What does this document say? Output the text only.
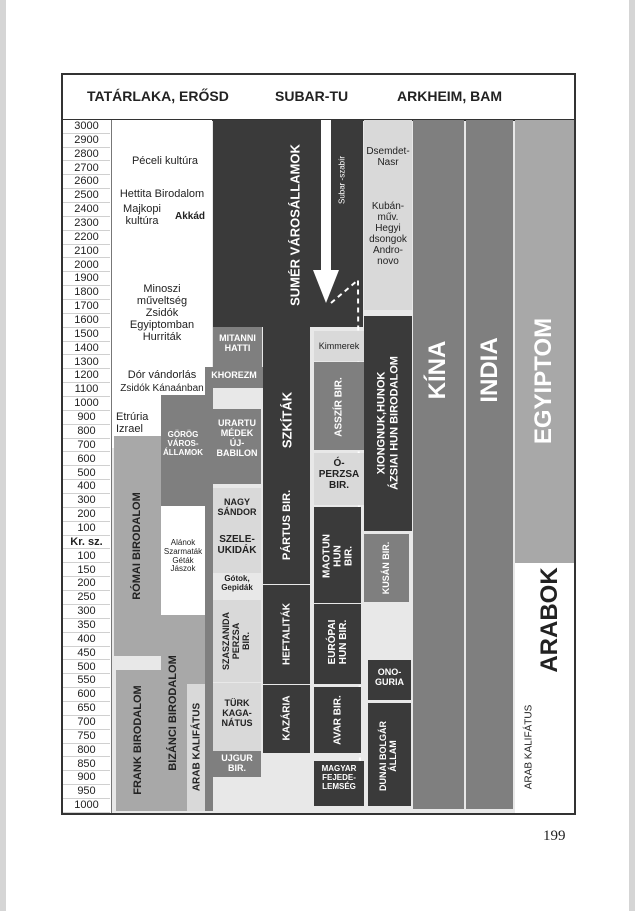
TATÁRLAKA, ERŐSD	SUBAR-TU	ARKHEIM, BAM
3000
2900
2800
2700
2600
2500
2400
2300
2200
2100
2000
1900
1800
1700
1600
1500
1400
1300
1200
1100
1000
900
800
700
600
500
400
300
200
100
Kr. sz.
100
150
200
250
300
350
400
450
500
550
600
650
700
750
800
850
900
950
1000
Péceli kultúra
Hettita Birodalom
Majkopi
kultúra	Akkád
Minoszi
műveltség
Zsidók
Egyiptomban
Hurriták
Dór vándorlás
Zsidók Kánaánban
Etrúria
Izrael
RÓMAI BIRODALOM
GÖRÖG
VÁROS-
ÁLLAMOK
Alánok
Szarmaták
Géták
Jászok
BIZÁNCI BIRODALOM
FRANK BIRODALOM	ARAB KALIFÁTUS
KHOREZM
MITANNI
HATTI
URARTU
MÉDEK
ÚJ-
BABILON
NAGY
SÁNDOR
SZELE-
UKIDÁK
Gótok,
Gepidák
SZASZANIDA
PERZSA
BIR.
TÜRK
KAGA-
NÁTUS
UJGUR
BIR.
SUMÉR VÁROSÁLLAMOK	Subar -szabír
SZKÍTÁK
PÁRTUS BIR.
HEFTALITÁK
KAZÁRIA
Kimmerek
ASSZÍR BIR.
Ó-
PERZSA
BIR.
MAOTUN
HUN
BIR.
EURÓPAI
HUN BIR.
AVAR BIR.
MAGYAR
FEJEDE-
LEMSÉG
Dsemdet-
Nasr
Kubán-
műv.
Hegyi
dsongok
Andro-
novo
XIONGNUK,HUNOK
ÁZSIAI HUN BIRODALOM
KUSÁN BIR.
ONO-
GURIA
DUNAI BOLGÁR
ÁLLAM
KÍNA INDIA EGYIPTOM
ARABOK
ARAB KALIFÁTUS
199
